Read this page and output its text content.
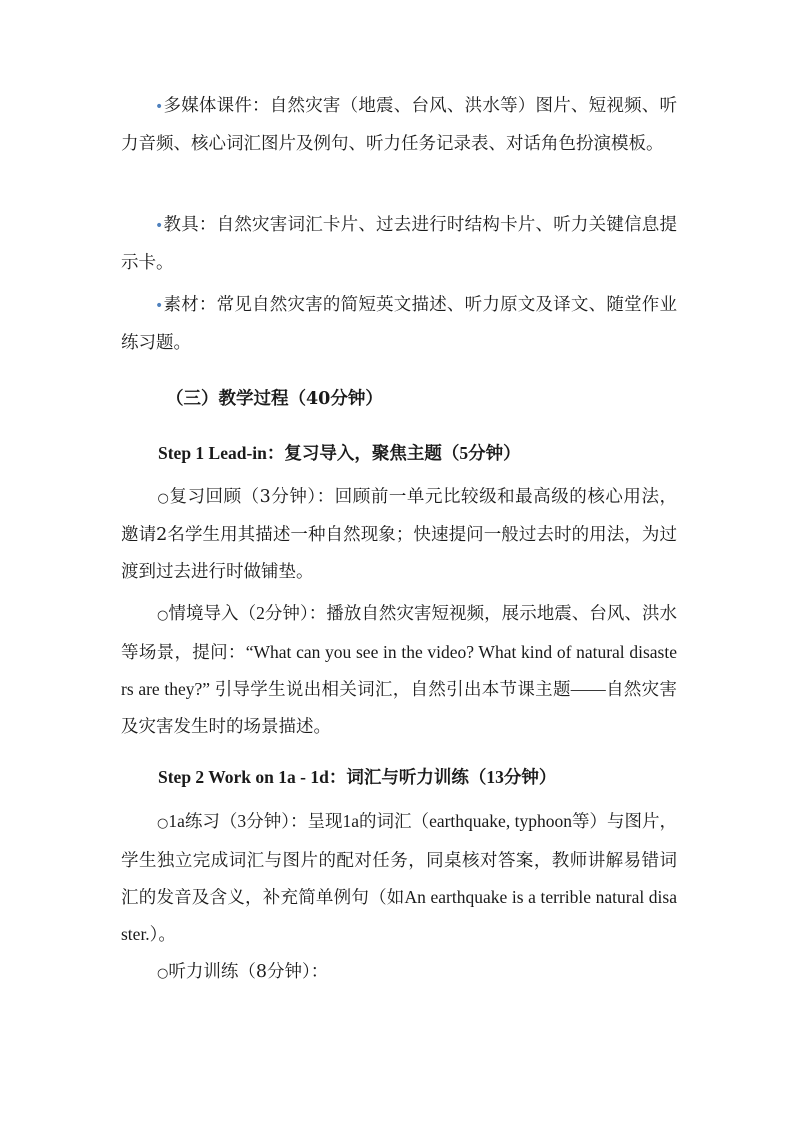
•多媒体课件：自然灾害（地震、台风、洪水等）图片、短视频、听力音频、核心词汇图片及例句、听力任务记录表、对话角色扮演模板。

•教具：自然灾害词汇卡片、过去进行时结构卡片、听力关键信息提示卡。

•素材：常见自然灾害的简短英文描述、听力原文及译文、随堂作业练习题。

（三）教学过程（40分钟）
Step 1 Lead-in：复习导入，聚焦主题（5分钟）

○复习回顾（3分钟）：回顾前一单元比较级和最高级的核心用法，邀请2名学生用其描述一种自然现象；快速提问一般过去时的用法，为过渡到过去进行时做铺垫。

○情境导入（2分钟）：播放自然灾害短视频，展示地震、台风、洪水等场景，提问：“What can you see in the video? What kind of natural disasters are they?” 引导学生说出相关词汇，自然引出本节课主题——自然灾害及灾害发生时的场景描述。

Step 2 Work on 1a - 1d：词汇与听力训练（13分钟）

○1a练习（3分钟）：呈现1a的词汇（earthquake, typhoon等）与图片，学生独立完成词汇与图片的配对任务，同桌核对答案，教师讲解易错词汇的发音及含义，补充简单例句（如An earthquake is a terrible natural disaster.）。

○听力训练（8分钟）：
